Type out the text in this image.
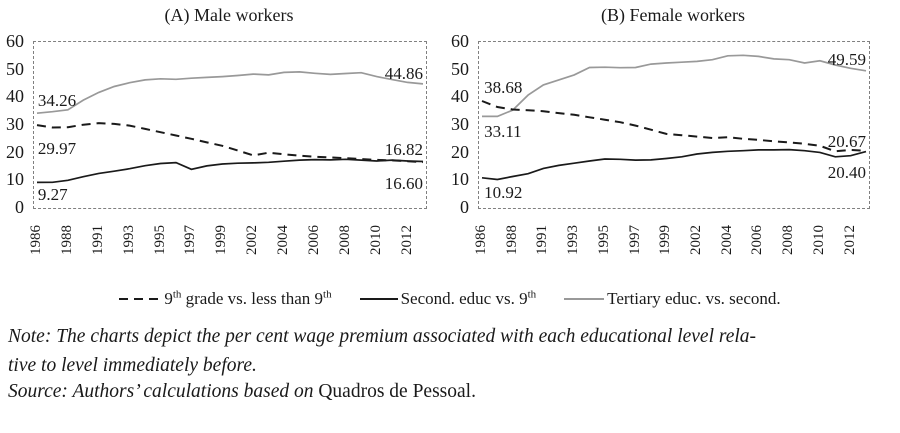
(A) Male workers	(B) Female workers
60
50
40
30
20
10
0
60
50
40
30
20
10
0
34.26
29.97
9.27
44.86
16.82
16.60
38.68
33.11
10.92
49.59
20.67
20.40
1986 1988 1991 1993 1995 1997 1999 2002 2004 2006 2008 2010 2012	1986 1988 1991 1993 1995 1997 1999 2002 2004 2006 2008 2010 2012
9th grade vs. less than 9th	Second. educ vs. 9th	Tertiary educ. vs. second.
Note: The charts depict the per cent wage premium associated with each educational level rela-
tive to level immediately before.
Source: Authors’ calculations based on Quadros de Pessoal.
